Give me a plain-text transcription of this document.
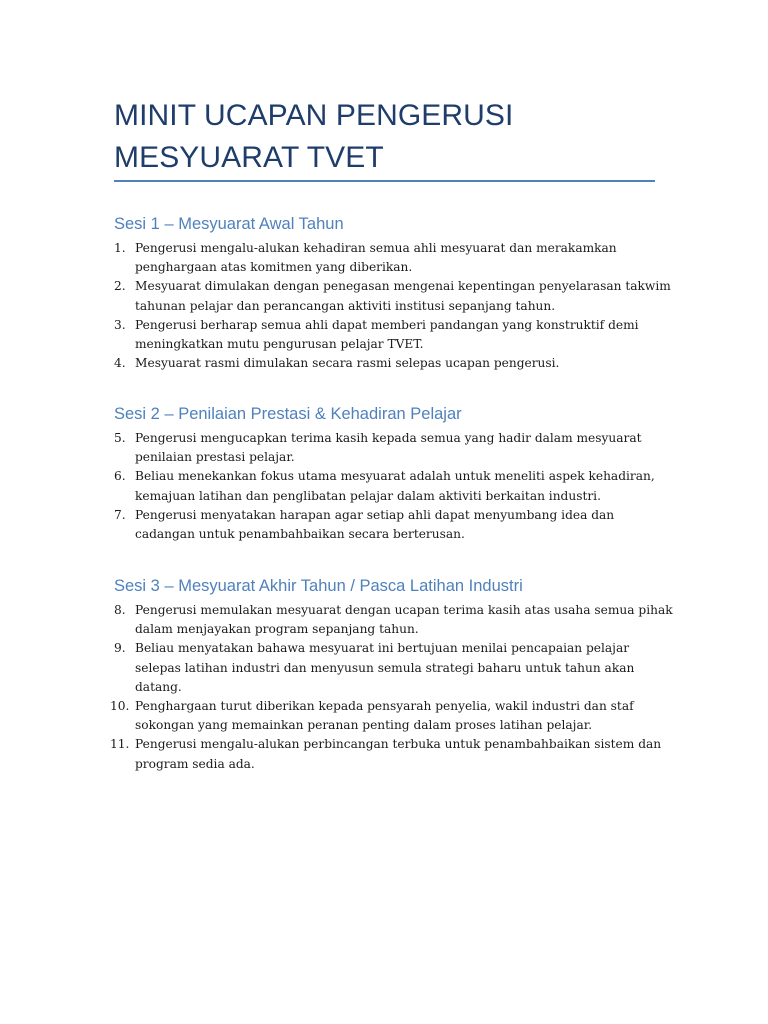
MINIT UCAPAN PENGERUSI MESYUARAT TVET
Sesi 1 – Mesyuarat Awal Tahun
1. Pengerusi mengalu-alukan kehadiran semua ahli mesyuarat dan merakamkan penghargaan atas komitmen yang diberikan.
2. Mesyuarat dimulakan dengan penegasan mengenai kepentingan penyelarasan takwim tahunan pelajar dan perancangan aktiviti institusi sepanjang tahun.
3. Pengerusi berharap semua ahli dapat memberi pandangan yang konstruktif demi meningkatkan mutu pengurusan pelajar TVET.
4. Mesyuarat rasmi dimulakan secara rasmi selepas ucapan pengerusi.
Sesi 2 – Penilaian Prestasi & Kehadiran Pelajar
5. Pengerusi mengucapkan terima kasih kepada semua yang hadir dalam mesyuarat penilaian prestasi pelajar.
6. Beliau menekankan fokus utama mesyuarat adalah untuk meneliti aspek kehadiran, kemajuan latihan dan penglibatan pelajar dalam aktiviti berkaitan industri.
7. Pengerusi menyatakan harapan agar setiap ahli dapat menyumbang idea dan cadangan untuk penambahbaikan secara berterusan.
Sesi 3 – Mesyuarat Akhir Tahun / Pasca Latihan Industri
8. Pengerusi memulakan mesyuarat dengan ucapan terima kasih atas usaha semua pihak dalam menjayakan program sepanjang tahun.
9. Beliau menyatakan bahawa mesyuarat ini bertujuan menilai pencapaian pelajar selepas latihan industri dan menyusun semula strategi baharu untuk tahun akan datang.
10. Penghargaan turut diberikan kepada pensyarah penyelia, wakil industri dan staf sokongan yang memainkan peranan penting dalam proses latihan pelajar.
11. Pengerusi mengalu-alukan perbincangan terbuka untuk penambahbaikan sistem dan program sedia ada.
